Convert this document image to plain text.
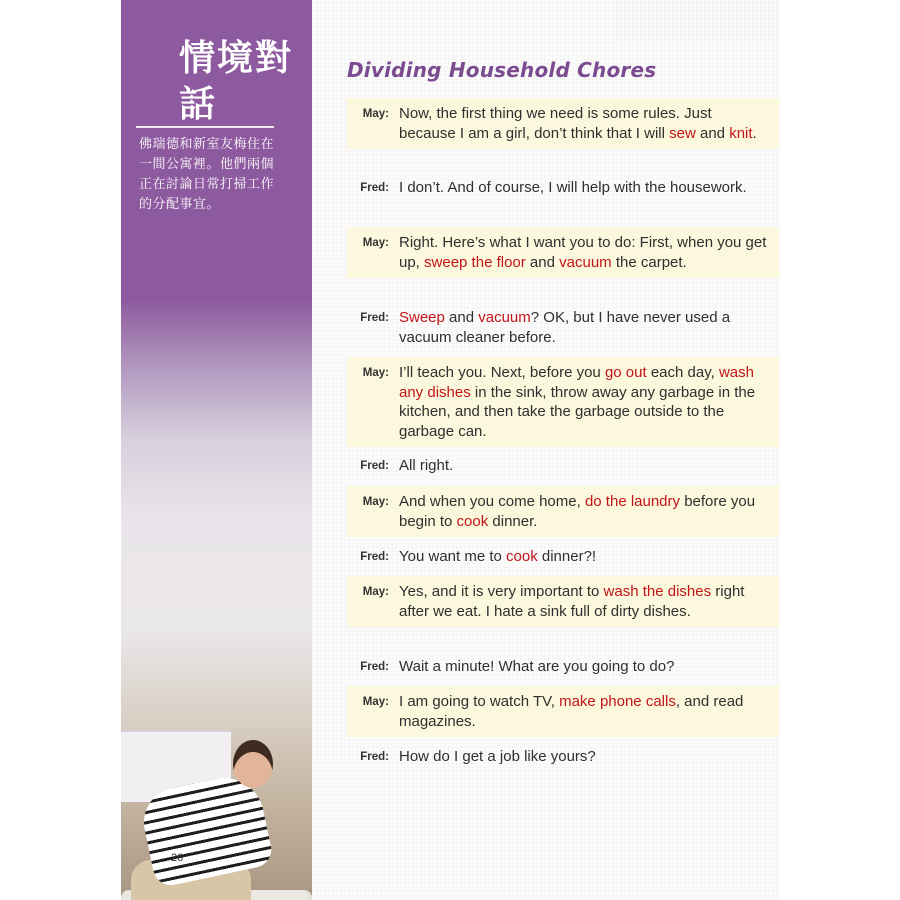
情境對話
佛瑞德和新室友梅住在一間公寓裡。他們兩個正在討論日常打掃工作的分配事宜。
26
Dividing Household Chores
May: Now, the first thing we need is some rules. Just because I am a girl, don’t think that I will sew and knit.
Fred: I don’t. And of course, I will help with the housework.
May: Right. Here’s what I want you to do: First, when you get up, sweep the floor and vacuum the carpet.
Fred: Sweep and vacuum? OK, but I have never used a vacuum cleaner before.
May: I’ll teach you. Next, before you go out each day, wash any dishes in the sink, throw away any garbage in the kitchen, and then take the garbage outside to the garbage can.
Fred: All right.
May: And when you come home, do the laundry before you begin to cook dinner.
Fred: You want me to cook dinner?!
May: Yes, and it is very important to wash the dishes right after we eat. I hate a sink full of dirty dishes.
Fred: Wait a minute! What are you going to do?
May: I am going to watch TV, make phone calls, and read magazines.
Fred: How do I get a job like yours?
